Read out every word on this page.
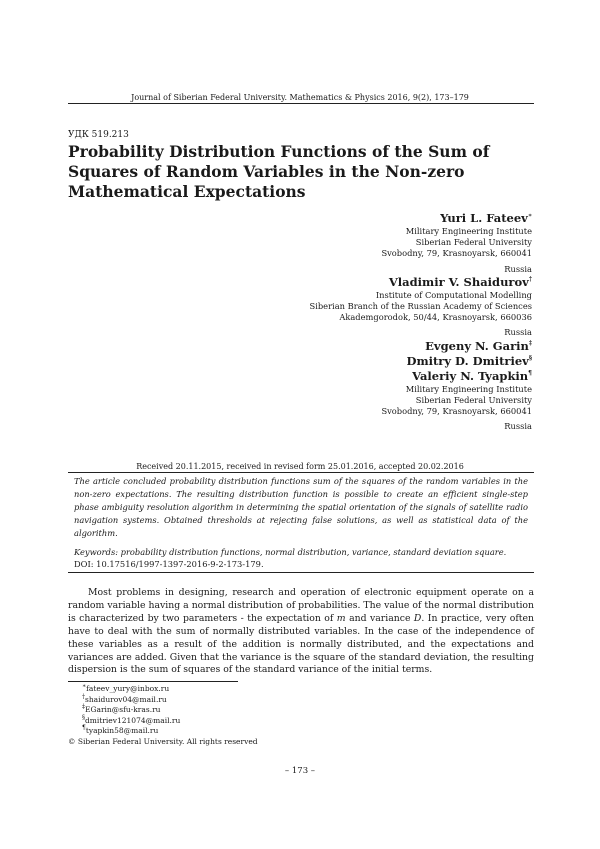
Journal of Siberian Federal University. Mathematics & Physics 2016, 9(2), 173–179
УДК 519.213
Probability Distribution Functions of the Sum of Squares of Random Variables in the Non-zero Mathematical Expectations
Yuri L. Fateev∗
Military Engineering Institute
Siberian Federal University
Svobodny, 79, Krasnoyarsk, 660041
Russia
Vladimir V. Shaidurov†
Institute of Computational Modelling
Siberian Branch of the Russian Academy of Sciences
Akademgorodok, 50/44, Krasnoyarsk, 660036
Russia
Evgeny N. Garin‡
Dmitry D. Dmitriev§
Valeriy N. Tyapkin¶
Military Engineering Institute
Siberian Federal University
Svobodny, 79, Krasnoyarsk, 660041
Russia
Received 20.11.2015, received in revised form 25.01.2016, accepted 20.02.2016
The article concluded probability distribution functions sum of the squares of the random variables in the non-zero expectations. The resulting distribution function is possible to create an efficient single-step phase ambiguity resolution algorithm in determining the spatial orientation of the signals of satellite radio navigation systems. Obtained thresholds at rejecting false solutions, as well as statistical data of the algorithm.
Keywords: probability distribution functions, normal distribution, variance, standard deviation square.
DOI: 10.17516/1997-1397-2016-9-2-173-179.

Most problems in designing, research and operation of electronic equipment operate on a random variable having a normal distribution of probabilities. The value of the normal distribution is characterized by two parameters - the expectation of m and variance D. In practice, very often have to deal with the sum of normally distributed variables. In the case of the independence of these variables as a result of the addition is normally distributed, and the expectations and variances are added. Given that the variance is the square of the standard deviation, the resulting dispersion is the sum of squares of the standard variance of the initial terms.

∗fateev_yury@inbox.ru
†shaidurov04@mail.ru
‡EGarin@sfu-kras.ru
§dmitriev121074@mail.ru
¶tyapkin58@mail.ru
© Siberian Federal University. All rights reserved
– 173 –
